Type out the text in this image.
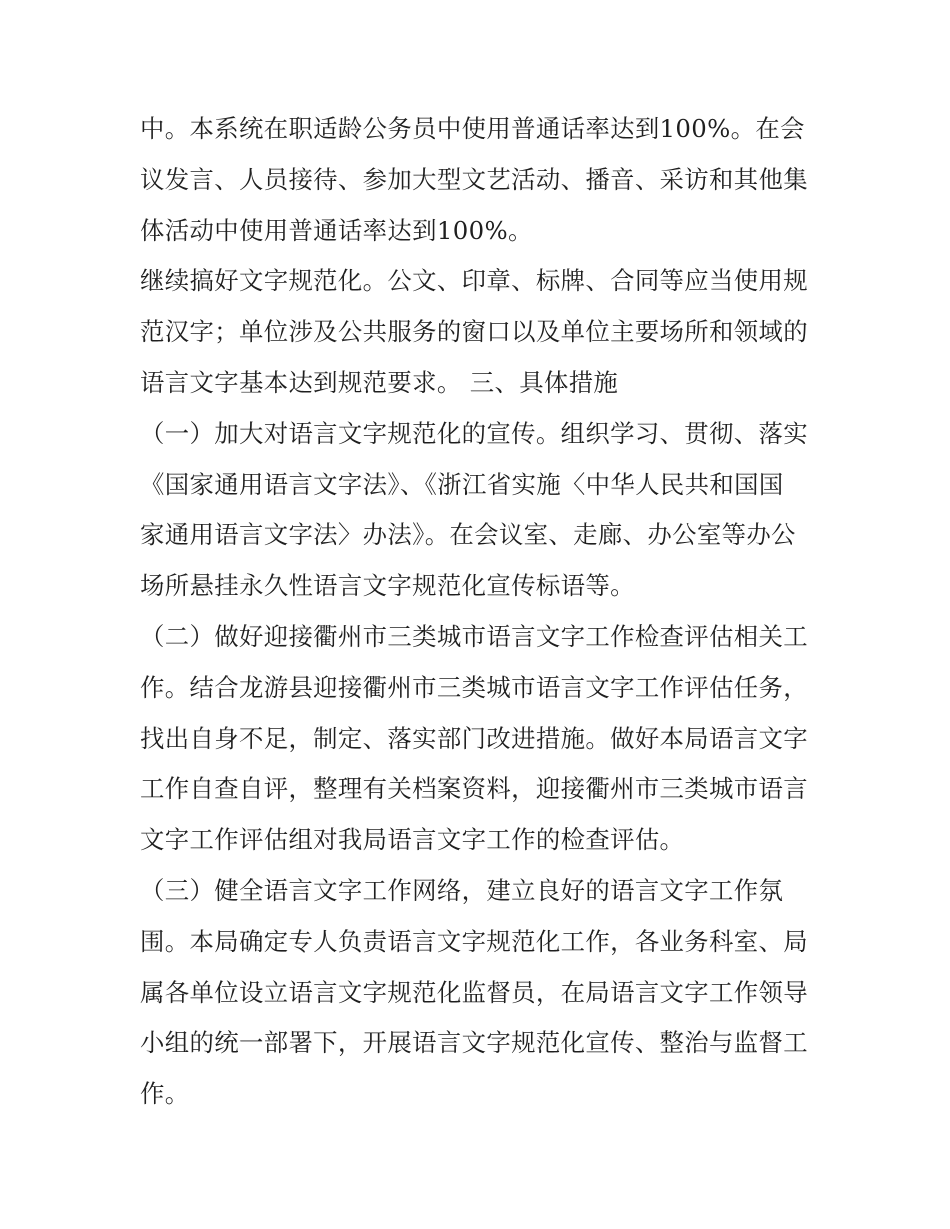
中。本系统在职适龄公务员中使用普通话率达到100%。在会

议发言、人员接待、参加大型文艺活动、播音、采访和其他集

体活动中使用普通话率达到100%。

继续搞好文字规范化。公文、印章、标牌、合同等应当使用规

范汉字；单位涉及公共服务的窗口以及单位主要场所和领域的

语言文字基本达到规范要求。 三、具体措施

（一）加大对语言文字规范化的宣传。组织学习、贯彻、落实

《国家通用语言文字法》、《浙江省实施〈中华人民共和国国

家通用语言文字法〉办法》。在会议室、走廊、办公室等办公

场所悬挂永久性语言文字规范化宣传标语等。

（二）做好迎接衢州市三类城市语言文字工作检查评估相关工

作。结合龙游县迎接衢州市三类城市语言文字工作评估任务，

找出自身不足，制定、落实部门改进措施。做好本局语言文字

工作自查自评，整理有关档案资料，迎接衢州市三类城市语言

文字工作评估组对我局语言文字工作的检查评估。

（三）健全语言文字工作网络，建立良好的语言文字工作氛

围。本局确定专人负责语言文字规范化工作，各业务科室、局

属各单位设立语言文字规范化监督员，在局语言文字工作领导

小组的统一部署下，开展语言文字规范化宣传、整治与监督工

作。
